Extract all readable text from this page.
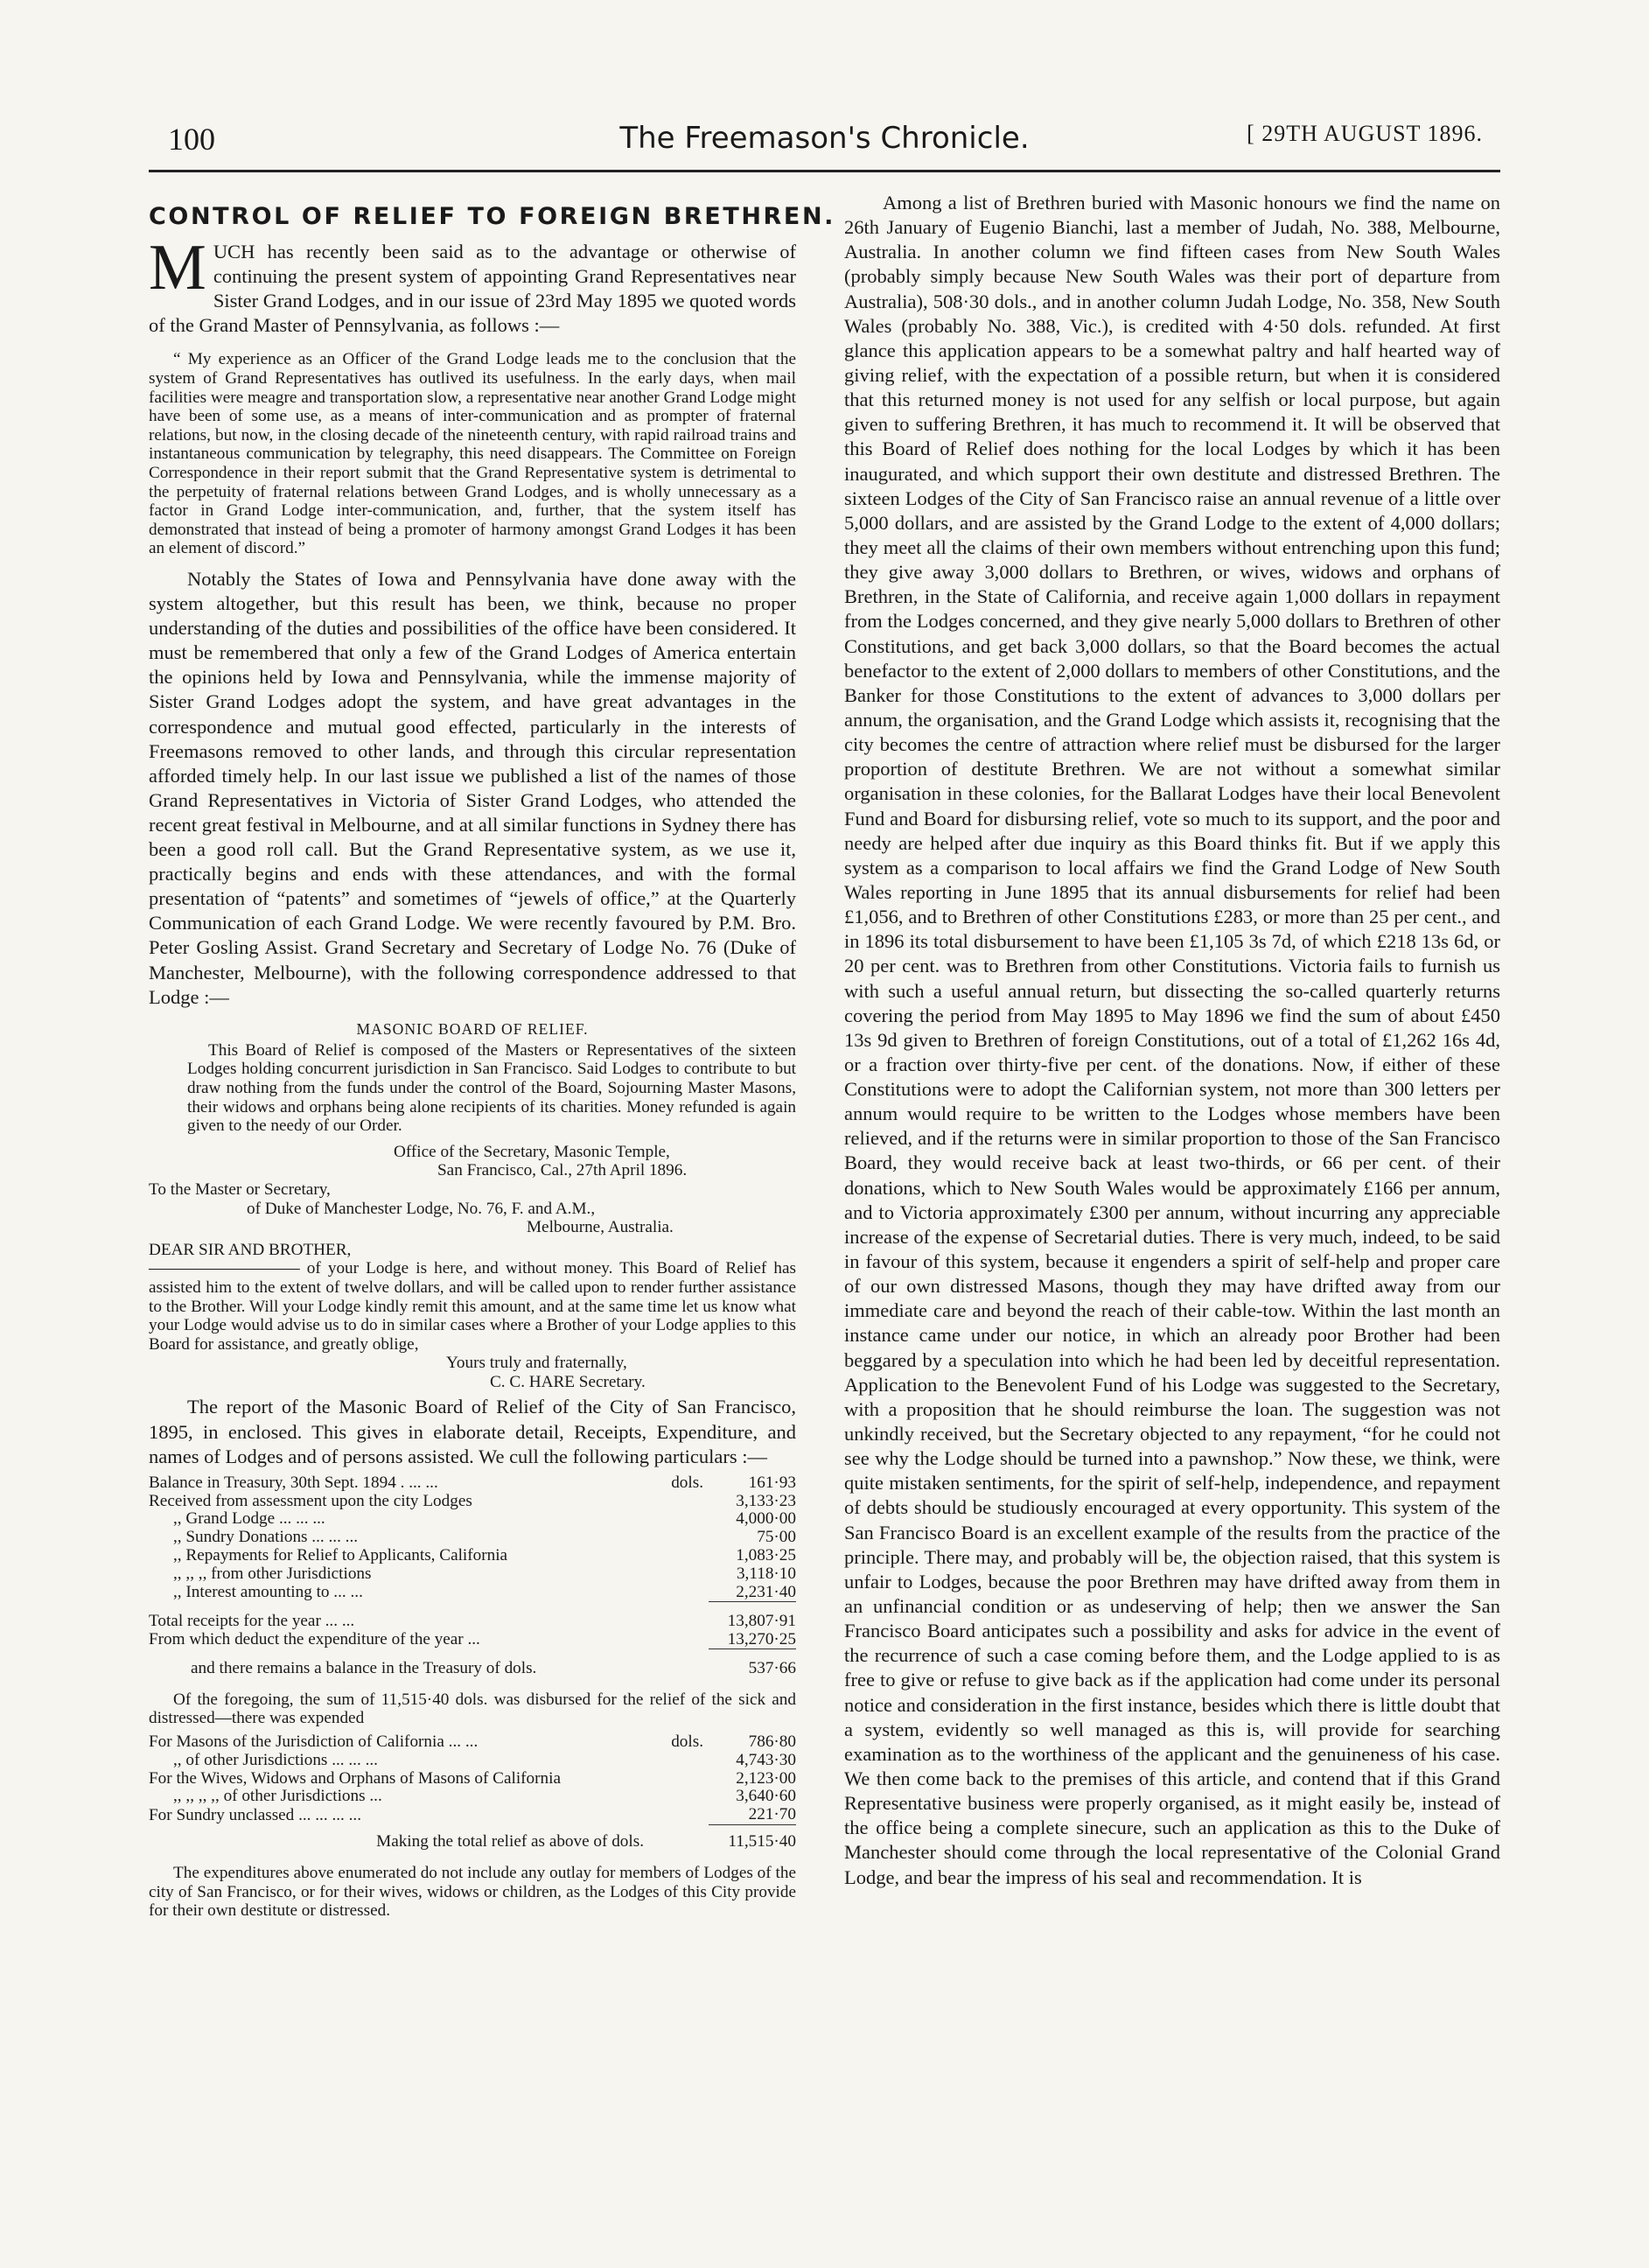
100	The Freemason's Chronicle.	[ 29TH AUGUST 1896.
CONTROL OF RELIEF TO FOREIGN BRETHREN.

MUCH has recently been said as to the advantage or otherwise of continuing the present system of appointing Grand Representatives near Sister Grand Lodges, and in our issue of 23rd May 1895 we quoted words of the Grand Master of Pennsylvania, as follows :—

“ My experience as an Officer of the Grand Lodge leads me to the conclusion that the system of Grand Representatives has outlived its usefulness. In the early days, when mail facilities were meagre and transportation slow, a representative near another Grand Lodge might have been of some use, as a means of inter-communication and as prompter of fraternal relations, but now, in the closing decade of the nineteenth century, with rapid railroad trains and instantaneous communication by telegraphy, this need disappears. The Committee on Foreign Correspondence in their report submit that the Grand Representative system is detrimental to the perpetuity of fraternal relations between Grand Lodges, and is wholly unnecessary as a factor in Grand Lodge inter-communication, and, further, that the system itself has demonstrated that instead of being a promoter of harmony amongst Grand Lodges it has been an element of discord.”

Notably the States of Iowa and Pennsylvania have done away with the system altogether, but this result has been, we think, because no proper understanding of the duties and possibilities of the office have been considered. It must be remembered that only a few of the Grand Lodges of America entertain the opinions held by Iowa and Pennsylvania, while the immense majority of Sister Grand Lodges adopt the system, and have great advantages in the correspondence and mutual good effected, particularly in the interests of Freemasons removed to other lands, and through this circular representation afforded timely help. In our last issue we published a list of the names of those Grand Representatives in Victoria of Sister Grand Lodges, who attended the recent great festival in Melbourne, and at all similar functions in Sydney there has been a good roll call. But the Grand Representative system, as we use it, practically begins and ends with these attendances, and with the formal presentation of “patents” and sometimes of “jewels of office,” at the Quarterly Communication of each Grand Lodge. We were recently favoured by P.M. Bro. Peter Gosling Assist. Grand Secretary and Secretary of Lodge No. 76 (Duke of Manchester, Melbourne), with the following correspondence addressed to that Lodge :—

MASONIC BOARD OF RELIEF.

This Board of Relief is composed of the Masters or Representatives of the sixteen Lodges holding concurrent jurisdiction in San Francisco. Said Lodges to contribute to but draw nothing from the funds under the control of the Board, Sojourning Master Masons, their widows and orphans being alone recipients of its charities. Money refunded is again given to the needy of our Order.

Office of the Secretary, Masonic Temple,
San Francisco, Cal., 27th April 1896.
To the Master or Secretary,
of Duke of Manchester Lodge, No. 76, F. and A.M.,
Melbourne, Australia.
DEAR SIR AND BROTHER,

————————— of your Lodge is here, and without money. This Board of Relief has assisted him to the extent of twelve dollars, and will be called upon to render further assistance to the Brother. Will your Lodge kindly remit this amount, and at the same time let us know what your Lodge would advise us to do in similar cases where a Brother of your Lodge applies to this Board for assistance, and greatly oblige,

Yours truly and fraternally,
C. C. HARE Secretary.

The report of the Masonic Board of Relief of the City of San Francisco, 1895, in enclosed. This gives in elaborate detail, Receipts, Expenditure, and names of Lodges and of persons assisted. We cull the following particulars :—

Balance in Treasury, 30th Sept. 1894 . ... ...	dols.	161·93
Received from assessment upon the city Lodges		3,133·23
,, Grand Lodge ... ... ...		4,000·00
,, Sundry Donations ... ... ...		75·00
,, Repayments for Relief to Applicants, California		1,083·25
,, ,, ,, from other Jurisdictions		3,118·10
,, Interest amounting to ... ...		2,231·40
Total receipts for the year ... ...		13,807·91
From which deduct the expenditure of the year ...		13,270·25
and there remains a balance in the Treasury of dols.		537·66

Of the foregoing, the sum of 11,515·40 dols. was disbursed for the relief of the sick and distressed—there was expended

For Masons of the Jurisdiction of California ... ...	dols.	786·80
,, of other Jurisdictions ... ... ...		4,743·30
For the Wives, Widows and Orphans of Masons of California		2,123·00
,, ,, ,, ,, of other Jurisdictions ...		3,640·60
For Sundry unclassed ... ... ... ...		221·70
Making the total relief as above of dols.		11,515·40

The expenditures above enumerated do not include any outlay for members of Lodges of the city of San Francisco, or for their wives, widows or children, as the Lodges of this City provide for their own destitute or distressed.

Among a list of Brethren buried with Masonic honours we find the name on 26th January of Eugenio Bianchi, last a member of Judah, No. 388, Melbourne, Australia. In another column we find fifteen cases from New South Wales (probably simply because New South Wales was their port of departure from Australia), 508·30 dols., and in another column Judah Lodge, No. 358, New South Wales (probably No. 388, Vic.), is credited with 4·50 dols. refunded. At first glance this application appears to be a somewhat paltry and half hearted way of giving relief, with the expectation of a possible return, but when it is considered that this returned money is not used for any selfish or local purpose, but again given to suffering Brethren, it has much to recommend it. It will be observed that this Board of Relief does nothing for the local Lodges by which it has been inaugurated, and which support their own destitute and distressed Brethren. The sixteen Lodges of the City of San Francisco raise an annual revenue of a little over 5,000 dollars, and are assisted by the Grand Lodge to the extent of 4,000 dollars; they meet all the claims of their own members without entrenching upon this fund; they give away 3,000 dollars to Brethren, or wives, widows and orphans of Brethren, in the State of California, and receive again 1,000 dollars in repayment from the Lodges concerned, and they give nearly 5,000 dollars to Brethren of other Constitutions, and get back 3,000 dollars, so that the Board becomes the actual benefactor to the extent of 2,000 dollars to members of other Constitutions, and the Banker for those Constitutions to the extent of advances to 3,000 dollars per annum, the organisation, and the Grand Lodge which assists it, recognising that the city becomes the centre of attraction where relief must be disbursed for the larger proportion of destitute Brethren. We are not without a somewhat similar organisation in these colonies, for the Ballarat Lodges have their local Benevolent Fund and Board for disbursing relief, vote so much to its support, and the poor and needy are helped after due inquiry as this Board thinks fit. But if we apply this system as a comparison to local affairs we find the Grand Lodge of New South Wales reporting in June 1895 that its annual disbursements for relief had been £1,056, and to Brethren of other Constitutions £283, or more than 25 per cent., and in 1896 its total disbursement to have been £1,105 3s 7d, of which £218 13s 6d, or 20 per cent. was to Brethren from other Constitutions. Victoria fails to furnish us with such a useful annual return, but dissecting the so-called quarterly returns covering the period from May 1895 to May 1896 we find the sum of about £450 13s 9d given to Brethren of foreign Constitutions, out of a total of £1,262 16s 4d, or a fraction over thirty-five per cent. of the donations. Now, if either of these Constitutions were to adopt the Californian system, not more than 300 letters per annum would require to be written to the Lodges whose members have been relieved, and if the returns were in similar proportion to those of the San Francisco Board, they would receive back at least two-thirds, or 66 per cent. of their donations, which to New South Wales would be approximately £166 per annum, and to Victoria approximately £300 per annum, without incurring any appreciable increase of the expense of Secretarial duties. There is very much, indeed, to be said in favour of this system, because it engenders a spirit of self-help and proper care of our own distressed Masons, though they may have drifted away from our immediate care and beyond the reach of their cable-tow. Within the last month an instance came under our notice, in which an already poor Brother had been beggared by a speculation into which he had been led by deceitful representation. Application to the Benevolent Fund of his Lodge was suggested to the Secretary, with a proposition that he should reimburse the loan. The suggestion was not unkindly received, but the Secretary objected to any repayment, “for he could not see why the Lodge should be turned into a pawnshop.” Now these, we think, were quite mistaken sentiments, for the spirit of self-help, independence, and repayment of debts should be studiously encouraged at every opportunity. This system of the San Francisco Board is an excellent example of the results from the practice of the principle. There may, and probably will be, the objection raised, that this system is unfair to Lodges, because the poor Brethren may have drifted away from them in an unfinancial condition or as undeserving of help; then we answer the San Francisco Board anticipates such a possibility and asks for advice in the event of the recurrence of such a case coming before them, and the Lodge applied to is as free to give or refuse to give back as if the application had come under its personal notice and consideration in the first instance, besides which there is little doubt that a system, evidently so well managed as this is, will provide for searching examination as to the worthiness of the applicant and the genuineness of his case. We then come back to the premises of this article, and contend that if this Grand Representative business were properly organised, as it might easily be, instead of the office being a complete sinecure, such an application as this to the Duke of Manchester should come through the local representative of the Colonial Grand Lodge, and bear the impress of his seal and recommendation. It is
